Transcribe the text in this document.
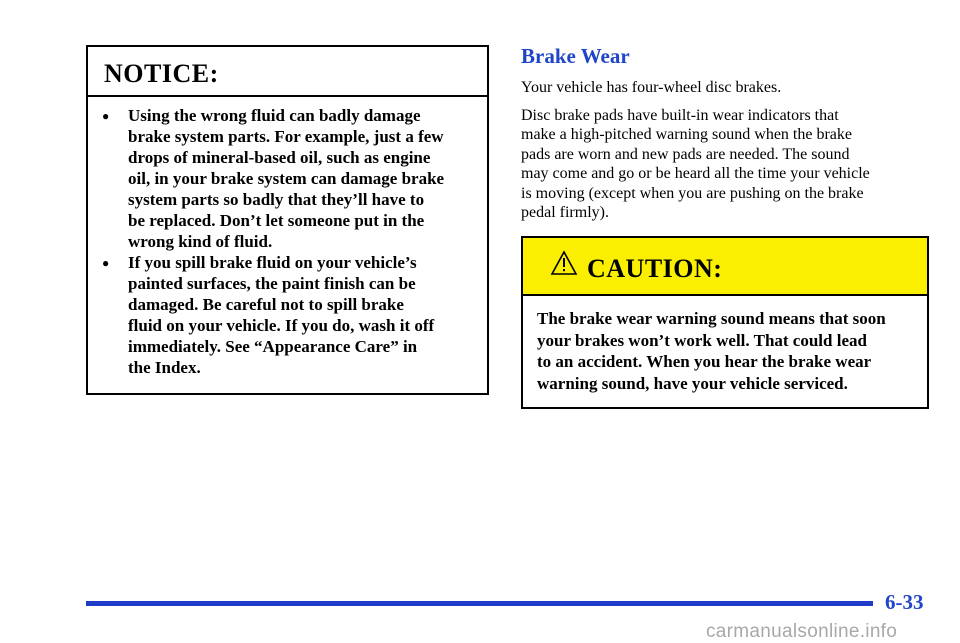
NOTICE:
●	Using the wrong fluid can badly damage
brake system parts. For example, just a few
drops of mineral-based oil, such as engine
oil, in your brake system can damage brake
system parts so badly that they’ll have to
be replaced. Don’t let someone put in the
wrong kind of fluid.
●	If you spill brake fluid on your vehicle’s
painted surfaces, the paint finish can be
damaged. Be careful not to spill brake
fluid on your vehicle. If you do, wash it off
immediately. See “Appearance Care” in
the Index.
Brake Wear
Your vehicle has four-wheel disc brakes.
Disc brake pads have built-in wear indicators that
make a high-pitched warning sound when the brake
pads are worn and new pads are needed. The sound
may come and go or be heard all the time your vehicle
is moving (except when you are pushing on the brake
pedal firmly).
CAUTION:
The brake wear warning sound means that soon
your brakes won’t work well. That could lead
to an accident. When you hear the brake wear
warning sound, have your vehicle serviced.
6-33
carmanualsonline.info
